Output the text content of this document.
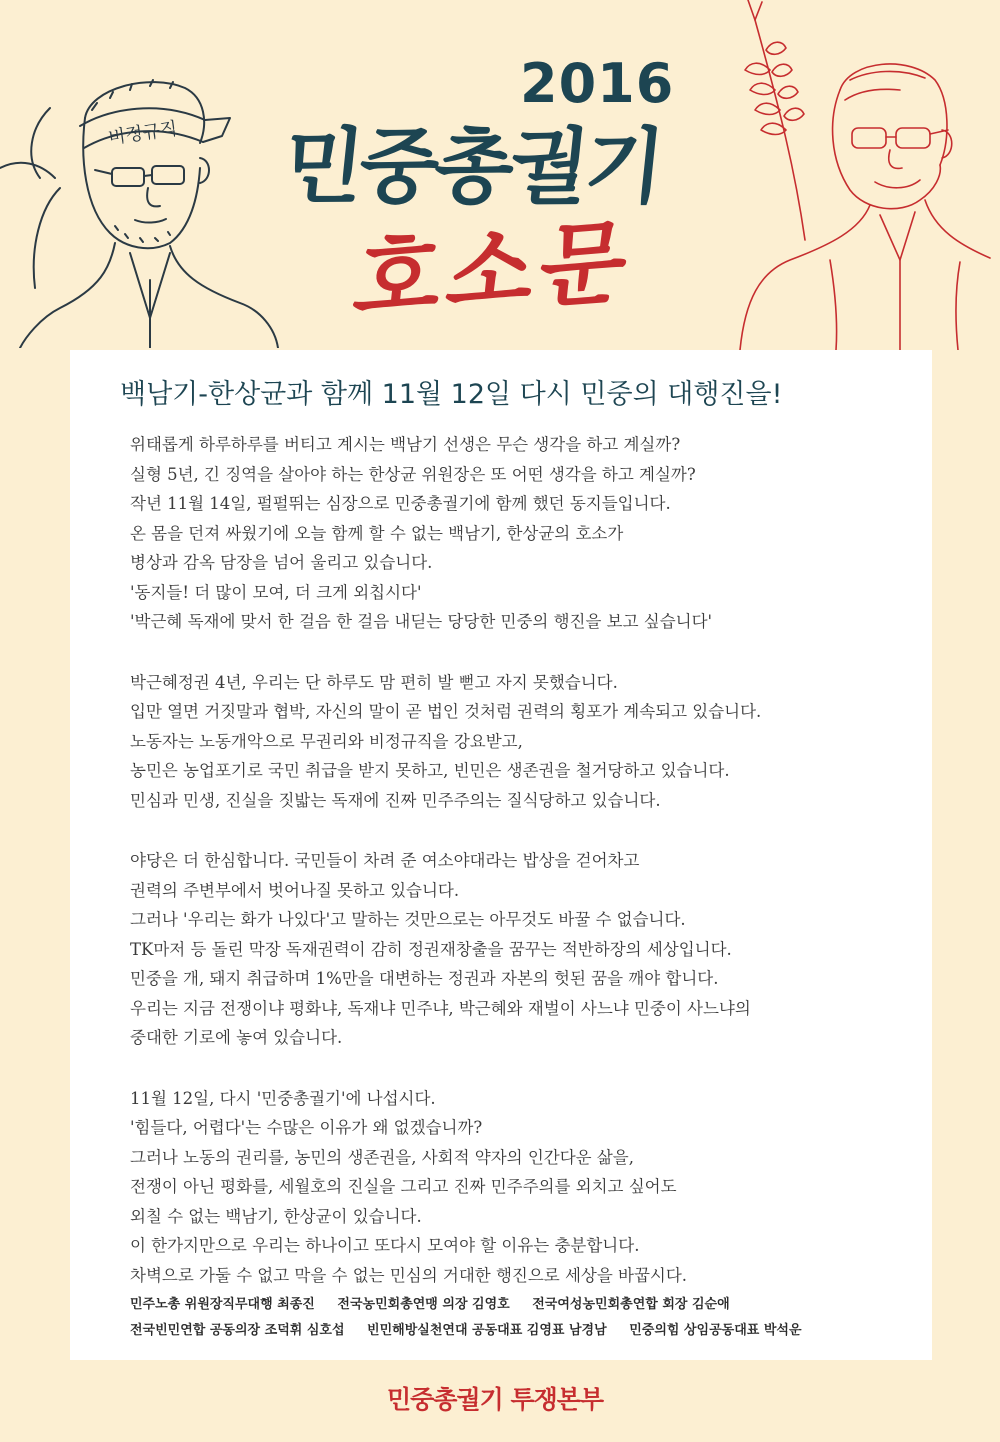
비정규직
2016
민중총궐기
호소문
백남기-한상균과 함께 11월 12일 다시 민중의 대행진을!
위태롭게 하루하루를 버티고 계시는 백남기 선생은 무슨 생각을 하고 계실까?
실형 5년, 긴 징역을 살아야 하는 한상균 위원장은 또 어떤 생각을 하고 계실까?
작년 11월 14일, 펄펄뛰는 심장으로 민중총궐기에 함께 했던 동지들입니다.
온 몸을 던져 싸웠기에 오늘 함께 할 수 없는 백남기, 한상균의 호소가
병상과 감옥 담장을 넘어 울리고 있습니다.
'동지들! 더 많이 모여, 더 크게 외칩시다'
'박근혜 독재에 맞서 한 걸음 한 걸음 내딛는 당당한 민중의 행진을 보고 싶습니다'
박근혜정권 4년, 우리는 단 하루도 맘 편히 발 뻗고 자지 못했습니다.
입만 열면 거짓말과 협박, 자신의 말이 곧 법인 것처럼 권력의 횡포가 계속되고 있습니다.
노동자는 노동개악으로 무권리와 비정규직을 강요받고,
농민은 농업포기로 국민 취급을 받지 못하고, 빈민은 생존권을 철거당하고 있습니다.
민심과 민생, 진실을 짓밟는 독재에 진짜 민주주의는 질식당하고 있습니다.
야당은 더 한심합니다. 국민들이 차려 준 여소야대라는 밥상을 걷어차고
권력의 주변부에서 벗어나질 못하고 있습니다.
그러나 '우리는 화가 나있다'고 말하는 것만으로는 아무것도 바꿀 수 없습니다.
TK마저 등 돌린 막장 독재권력이 감히 정권재창출을 꿈꾸는 적반하장의 세상입니다.
민중을 개, 돼지 취급하며 1%만을 대변하는 정권과 자본의 헛된 꿈을 깨야 합니다.
우리는 지금 전쟁이냐 평화냐, 독재냐 민주냐, 박근혜와 재벌이 사느냐 민중이 사느냐의
중대한 기로에 놓여 있습니다.
11월 12일, 다시 '민중총궐기'에 나섭시다.
'힘들다, 어렵다'는 수많은 이유가 왜 없겠습니까?
그러나 노동의 권리를, 농민의 생존권을, 사회적 약자의 인간다운 삶을,
전쟁이 아닌 평화를, 세월호의 진실을 그리고 진짜 민주주의를 외치고 싶어도
외칠 수 없는 백남기, 한상균이 있습니다.
이 한가지만으로 우리는 하나이고 또다시 모여야 할 이유는 충분합니다.
차벽으로 가둘 수 없고 막을 수 없는 민심의 거대한 행진으로 세상을 바꿉시다.
민주노총 위원장직무대행 최종진 전국농민회총연맹 의장 김영호 전국여성농민회총연합 회장 김순애
전국빈민연합 공동의장 조덕휘 심호섭 빈민해방실천연대 공동대표 김영표 남경남 민중의힘 상임공동대표 박석운
민중총궐기 투쟁본부
